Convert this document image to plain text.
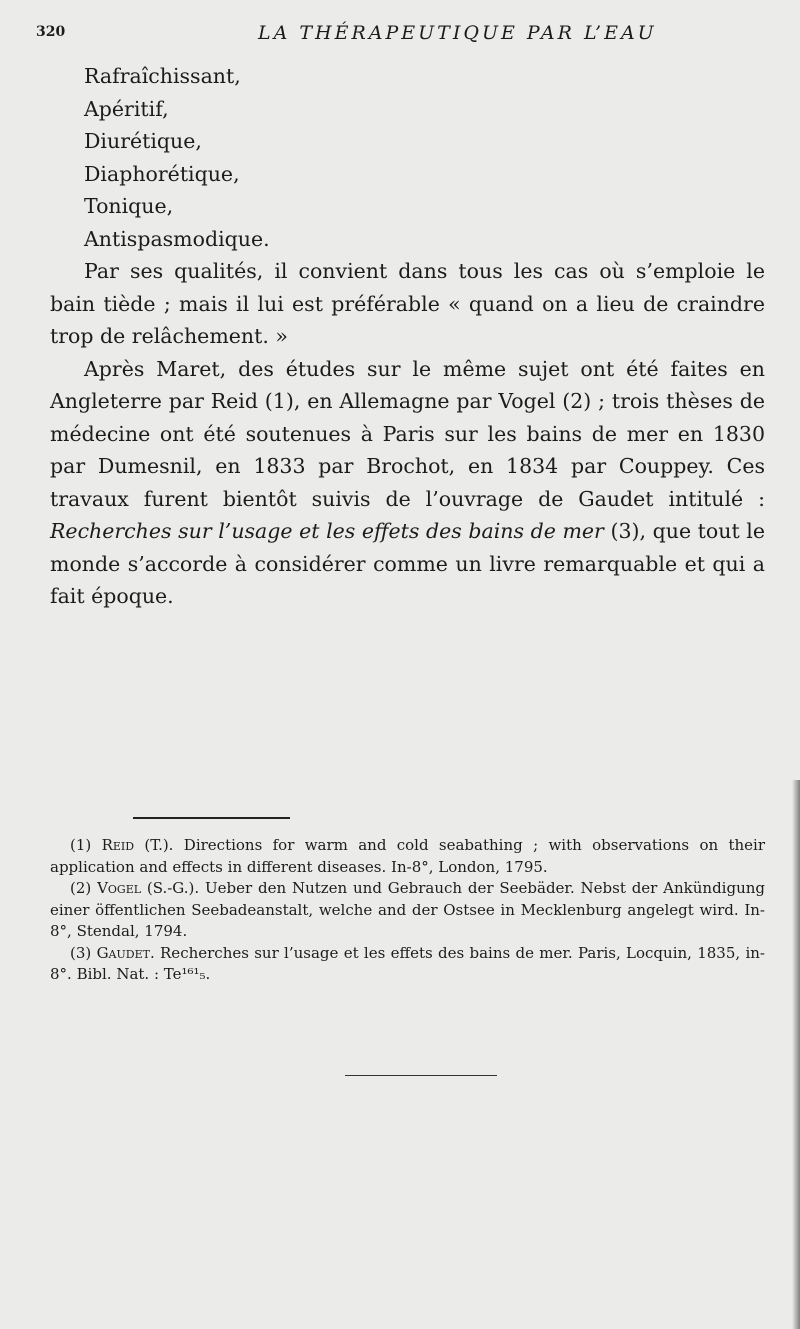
320	LA THÉRAPEUTIQUE PAR L’EAU
Rafraîchissant,
Apéritif,
Diurétique,
Diaphorétique,
Tonique,
Antispasmodique.

Par ses qualités, il convient dans tous les cas où s’emploie le bain tiède ; mais il lui est préférable « quand on a lieu de craindre trop de relâchement. »

Après Maret, des études sur le même sujet ont été faites en Angleterre par Reid (1), en Allemagne par Vogel (2) ; trois thèses de médecine ont été soutenues à Paris sur les bains de mer en 1830 par Dumesnil, en 1833 par Brochot, en 1834 par Couppey. Ces travaux furent bientôt suivis de l’ouvrage de Gaudet intitulé : Recherches sur l’usage et les effets des bains de mer (3), que tout le monde s’accorde à considérer comme un livre remarquable et qui a fait époque.

(1) Reid (T.). Directions for warm and cold seabathing ; with observations on their application and effects in different diseases. In-8°, London, 1795.

(2) Vogel (S.-G.). Ueber den Nutzen und Gebrauch der Seebäder. Nebst der Ankündigung einer öffentlichen Seebadeanstalt, welche and der Ostsee in Mecklenburg angelegt wird. In-8°, Stendal, 1794.

(3) Gaudet. Recherches sur l’usage et les effets des bains de mer. Paris, Locquin, 1835, in-8°. Bibl. Nat. : Te¹⁶¹₅.
